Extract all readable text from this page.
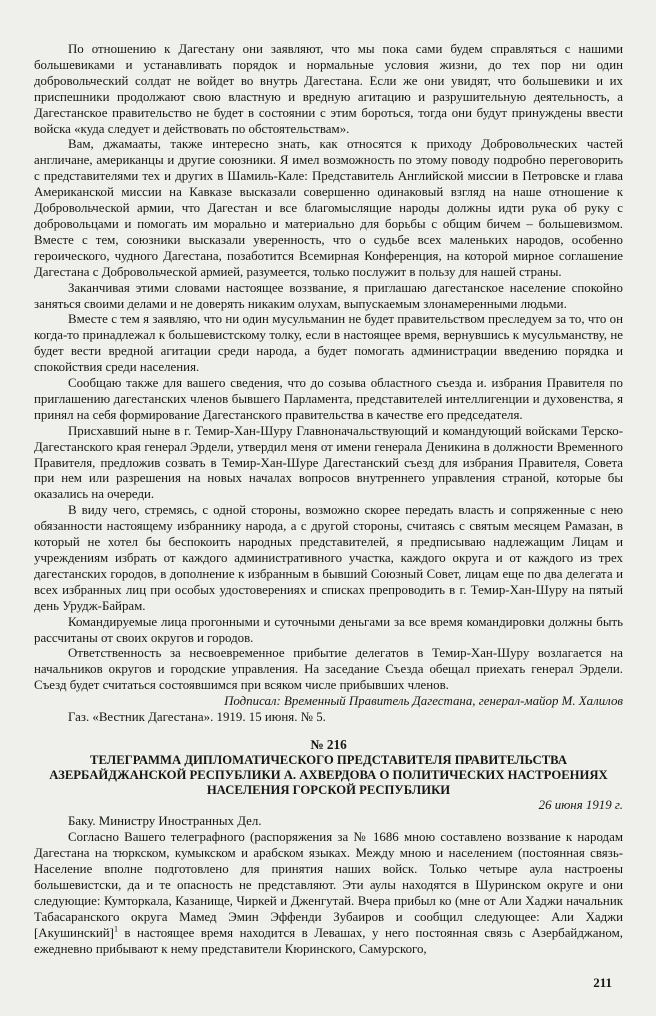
По отношению к Дагестану они заявляют, что мы пока сами будем справляться с нашими большевиками и устанавливать порядок и нормальные условия жизни, до тех пор ни один добровольческий солдат не войдет во внутрь Дагестана. Если же они увидят, что большевики и их приспешники продолжают свою властную и вредную агитацию и разрушительную деятельность, а Дагестанское правительство не будет в состоянии с этим бороться, тогда они будут принуждены ввести войска «куда следует и действовать по обстоятельствам».

Вам, джамааты, также интересно знать, как относятся к приходу Добровольческих частей англичане, американцы и другие союзники. Я имел возможность по этому поводу подробно переговорить с представителями тех и других в Шамиль-Кале: Представитель Английской миссии в Петровске и глава Американской миссии на Кавказе высказали совершенно одинаковый взгляд на наше отношение к Добровольческой армии, что Дагестан и все благомыслящие народы должны идти рука об руку с добровольцами и помогать им морально и материально для борьбы с общим бичем – большевизмом. Вместе с тем, союзники высказали уверенность, что о судьбе всех маленьких народов, особенно героического, чудного Дагестана, позаботится Всемирная Конференция, на которой мирное соглашение Дагестана с Добровольческой армией, разумеется, только послужит в пользу для нашей страны.

Заканчивая этими словами настоящее воззвание, я приглашаю дагестанское население спокойно заняться своими делами и не доверять никаким олухам, выпускаемым злонамеренными людьми.

Вместе с тем я заявляю, что ни один мусульманин не будет правительством преследуем за то, что он когда-то принадлежал к большевистскому толку, если в настоящее время, вернувшись к мусульманству, не будет вести вредной агитации среди народа, а будет помогать администрации введению порядка и спокойствия среди населения.

Сообщаю также для вашего сведения, что до созыва областного съезда и. избрания Правителя по приглашению дагестанских членов бывшего Парламента, представителей интеллигенции и духовенства, я принял на себя формирование Дагестанского правительства в качестве его председателя.

Присхавший ныне в г. Темир-Хан-Шуру Главноначальствующий и командующий войсками Терско-Дагестанского края генерал Эрдели, утвердил меня от имени генерала Деникина в должности Временного Правителя, предложив созвать в Темир-Хан-Шуре Дагестанский съезд для избрания Правителя, Совета при нем или разрешения на новых началах вопросов внутреннего управления страной, которые бы оказались на очереди.

В виду чего, стремясь, с одной стороны, возможно скорее передать власть и сопряженные с нею обязанности настоящему избраннику народа, а с другой стороны, считаясь с святым месяцем Рамазан, в который не хотел бы беспокоить народных представителей, я предписываю надлежащим Лицам и учреждениям избрать от каждого административного участка, каждого округа и от каждого из трех дагестанских городов, в дополнение к избранным в бывший Союзный Совет, лицам еще по два делегата и всех избранных лиц при особых удостоверениях и списках препроводить в г. Темир-Хан-Шуру на пятый день Урудж-Байрам.

Командируемые лица прогонными и суточными деньгами за все время командировки должны быть рассчитаны от своих округов и городов.

Ответственность за несвоевременное прибытие делегатов в Темир-Хан-Шуру возлагается на начальников округов и городские управления. На заседание Съезда обещал приехать генерал Эрдели. Съезд будет считаться состоявшимся при всяком числе прибывших членов.

Подписал: Временный Правитель Дагестана, генерал-майор М. Халилов

Газ. «Вестник Дагестана». 1919. 15 июня. № 5.

№ 216

ТЕЛЕГРАММА ДИПЛОМАТИЧЕСКОГО ПРЕДСТАВИТЕЛЯ ПРАВИТЕЛЬСТВА АЗЕРБАЙДЖАНСКОЙ РЕСПУБЛИКИ А. АХВЕРДОВА О ПОЛИТИЧЕСКИХ НАСТРОЕНИЯХ НАСЕЛЕНИЯ ГОРСКОЙ РЕСПУБЛИКИ

26 июня 1919 г.

Баку. Министру Иностранных Дел.

Согласно Вашего телеграфного (распоряжения за № 1686 мною составлено воззвание к народам Дагестана на тюркском, кумыкском и арабском языках. Между мною и населением (постоянная связь- Население вполне подготовлено для принятия наших войск. Только четыре аула настроены большевистски, да и те опасность не представляют. Эти аулы находятся в Шуринском округе и они следующие: Кумторкала, Казанище, Чиркей и Дженгутай. Вчера прибыл ко (мне от Али Хаджи начальник Табасаранского округа Мамед Эмин Эффенди Зубаиров и сообщил следующее: Али Хаджи [Акушинский]$^1$ в настоящее время находится в Левашах, у него постоянная связь с Азербайджаном, ежедневно прибывают к нему представители Кюринского, Самурского,

211
